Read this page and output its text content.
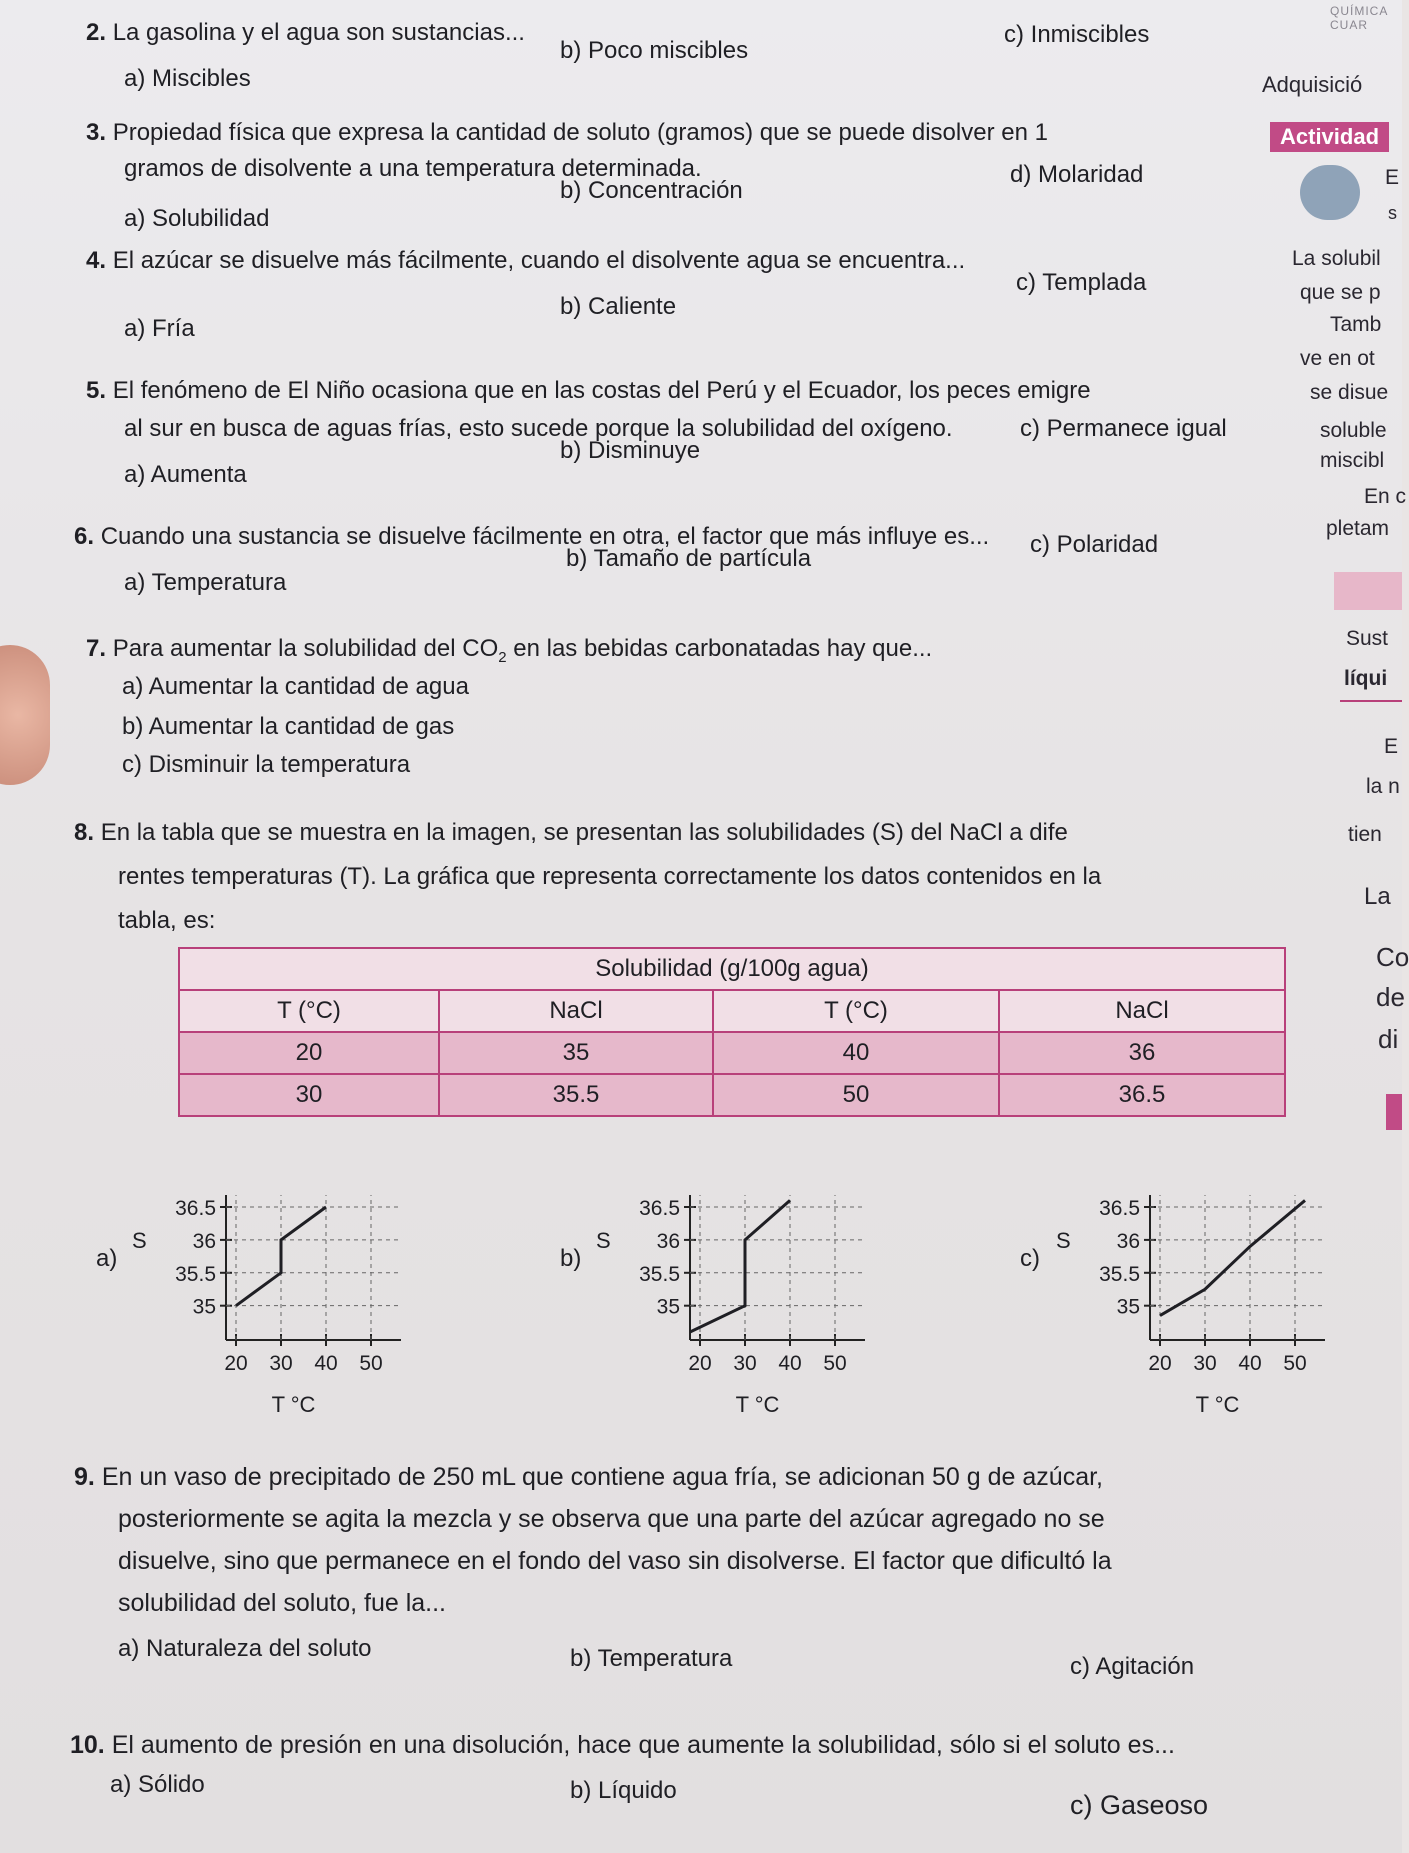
QUÍMICA CUAR
2. La gasolina y el agua son sustancias...
a) Miscibles
b) Poco miscibles
c) Inmiscibles
3. Propiedad física que expresa la cantidad de soluto (gramos) que se puede disolver en 1
gramos de disolvente a una temperatura determinada.
a) Solubilidad
b) Concentración
d) Molaridad
4. El azúcar se disuelve más fácilmente, cuando el disolvente agua se encuentra...
a) Fría
b) Caliente
c) Templada
5. El fenómeno de El Niño ocasiona que en las costas del Perú y el Ecuador, los peces emigre
al sur en busca de aguas frías, esto sucede porque la solubilidad del oxígeno.
a) Aumenta
b) Disminuye
c) Permanece igual
6. Cuando una sustancia se disuelve fácilmente en otra, el factor que más influye es...
a) Temperatura
b) Tamaño de partícula
c) Polaridad
7. Para aumentar la solubilidad del $CO_2$ en las bebidas carbonatadas hay que...
a) Aumentar la cantidad de agua
b) Aumentar la cantidad de gas
c) Disminuir la temperatura
8. En la tabla que se muestra en la imagen, se presentan las solubilidades (S) del NaCl a dife
rentes temperaturas (T). La gráfica que representa correctamente los datos contenidos en la
tabla, es:
Solubilidad (g/100g agua)			
T (°C)	NaCl	T (°C)	NaCl
20	35	40	36
30	35.5	50	36.5
a)
S
35
35.5
36
36.5
20 30 40 50
T °C
b)
S
35
35.5
36
36.5
20 30 40 50
T °C
c)
S
35
35.5
36
36.5
20 30 40 50
T °C
9. En un vaso de precipitado de 250 mL que contiene agua fría, se adicionan 50 g de azúcar,
posteriormente se agita la mezcla y se observa que una parte del azúcar agregado no se
disuelve, sino que permanece en el fondo del vaso sin disolverse. El factor que dificultó la
solubilidad del soluto, fue la...
a) Naturaleza del soluto	b) Temperatura	c) Agitación
10. El aumento de presión en una disolución, hace que aumente la solubilidad, sólo si el soluto es...
a) Sólido	b) Líquido	c) Gaseoso
Adquisició
Actividad
E
s
La solubil
que se p
Tamb
ve en ot
se disue
soluble
miscibl
En c
pletam
Sust
líqui
E
la n
tien
La
Co
de
di
